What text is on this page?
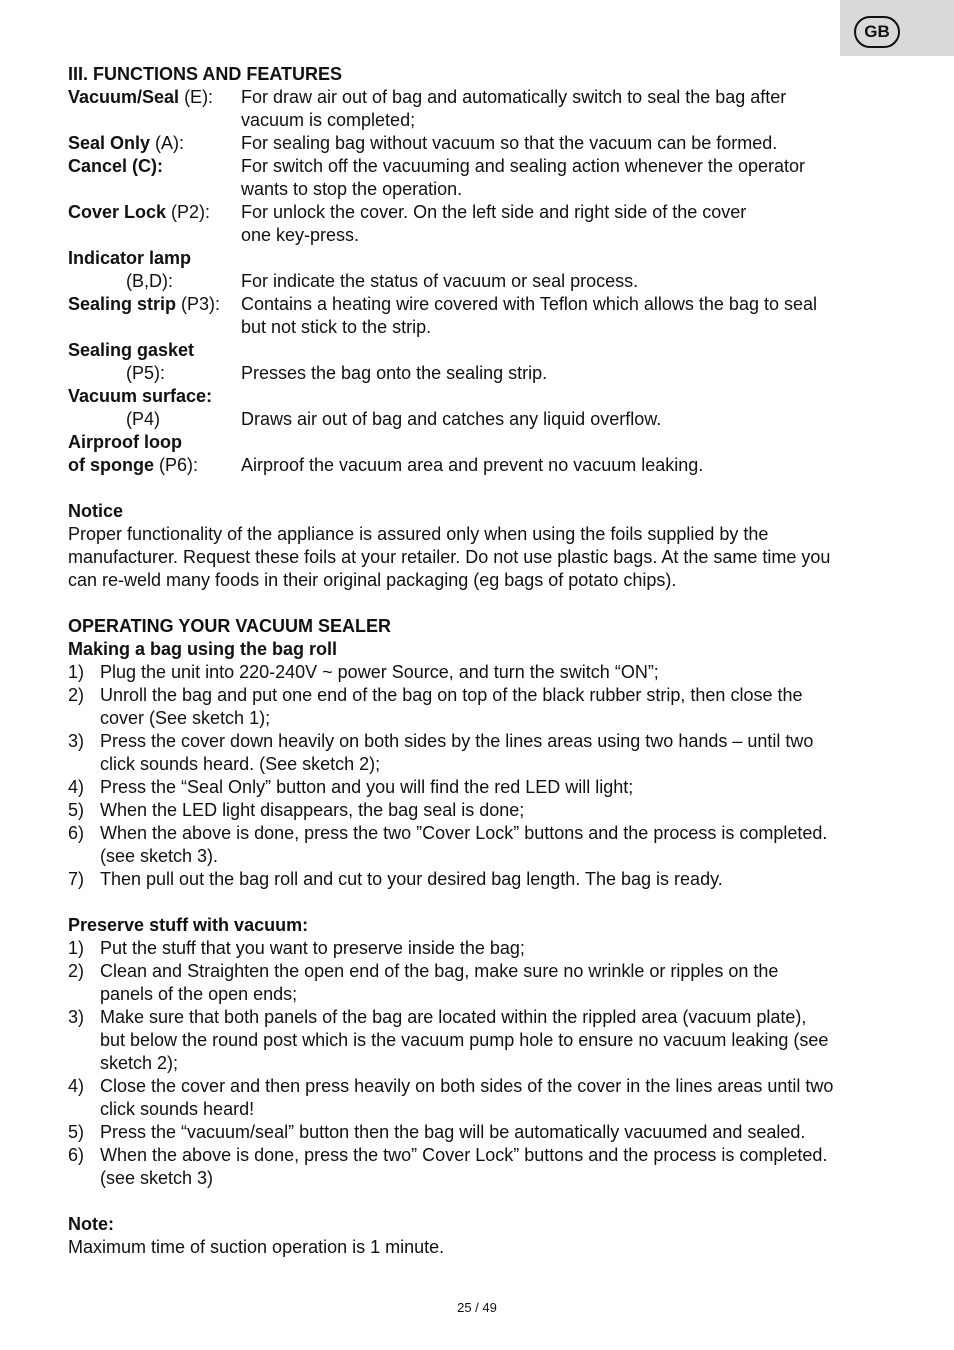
GB
III. FUNCTIONS AND FEATURES
Vacuum/Seal (E): For draw air out of bag and automatically switch to seal the bag after
vacuum is completed;
Seal Only (A):	For sealing bag without vacuum so that the vacuum can be formed.
Cancel (C):	For switch off the vacuuming and sealing action whenever the operator
wants to stop the operation.
Cover Lock (P2): For unlock the cover. On the left side and right side of the cover
one key-press.
Indicator lamp
(B,D):	For indicate the status of vacuum or seal process.
Sealing strip (P3): Contains a heating wire covered with Teflon which allows the bag to seal
but not stick to the strip.
Sealing gasket
(P5):	Presses the bag onto the sealing strip.
Vacuum surface:
(P4)	Draws air out of bag and catches any liquid overflow.
Airproof loop
of sponge (P6): Airproof the vacuum area and prevent no vacuum leaking.
Notice
Proper functionality of the appliance is assured only when using the foils supplied by the
manufacturer. Request these foils at your retailer. Do not use plastic bags. At the same time you
can re-weld many foods in their original packaging (eg bags of potato chips).
OPERATING YOUR VACUUM SEALER
Making a bag using the bag roll
1) Plug the unit into 220-240V ~ power Source, and turn the switch “ON”;
2) Unroll the bag and put one end of the bag on top of the black rubber strip, then close the
cover (See sketch 1);
3) Press the cover down heavily on both sides by the lines areas using two hands – until two
click sounds heard. (See sketch 2);
4) Press the “Seal Only” button and you will find the red LED will light;
5) When the LED light disappears, the bag seal is done;
6) When the above is done, press the two ”Cover Lock” buttons and the process is completed.
(see sketch 3).
7) Then pull out the bag roll and cut to your desired bag length. The bag is ready.
Preserve stuff with vacuum:
1) Put the stuff that you want to preserve inside the bag;
2) Clean and Straighten the open end of the bag, make sure no wrinkle or ripples on the
panels of the open ends;
3) Make sure that both panels of the bag are located within the rippled area (vacuum plate),
but below the round post which is the vacuum pump hole to ensure no vacuum leaking (see
sketch 2);
4) Close the cover and then press heavily on both sides of the cover in the lines areas until two
click sounds heard!
5) Press the “vacuum/seal” button then the bag will be automatically vacuumed and sealed.
6) When the above is done, press the two” Cover Lock” buttons and the process is completed.
(see sketch 3)
Note:
Maximum time of suction operation is 1 minute.
25 / 49
